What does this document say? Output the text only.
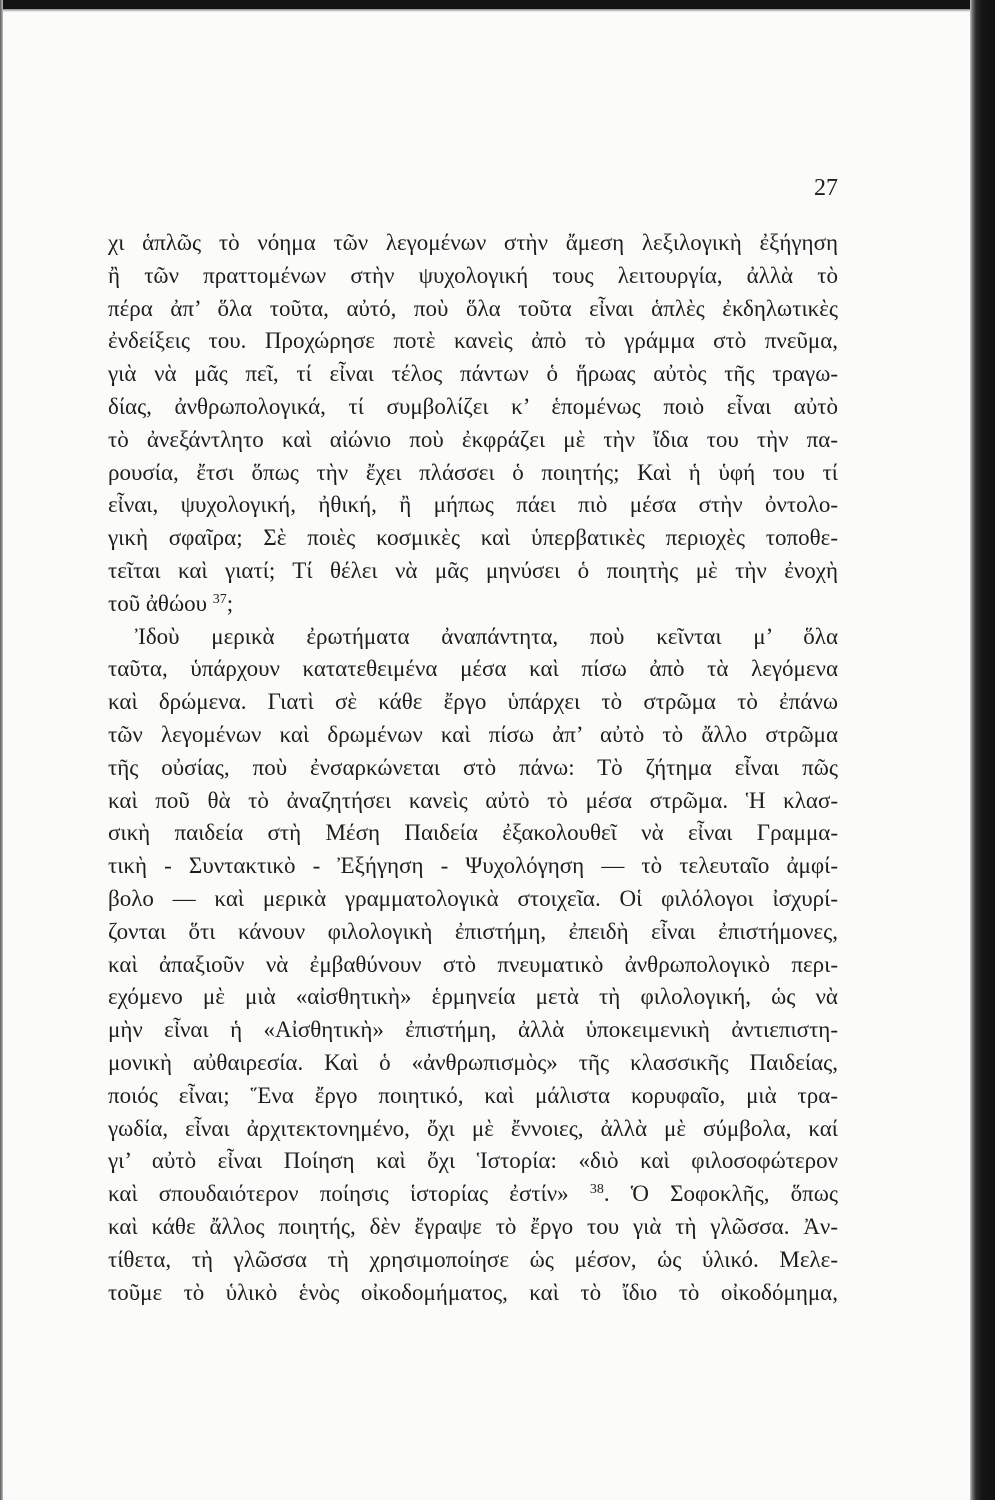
27
χι ἁπλῶς τὸ νόημα τῶν λεγομένων στὴν ἄμεση λεξιλογικὴ ἐξήγηση
ἢ τῶν πραττομένων στὴν ψυχολογική τους λειτουργία, ἀλλὰ τὸ
πέρα ἀπ’ ὅλα τοῦτα, αὐτό, ποὺ ὅλα τοῦτα εἶναι ἁπλὲς ἐκδηλωτικὲς
ἐνδείξεις του. Προχώρησε ποτὲ κανεὶς ἀπὸ τὸ γράμμα στὸ πνεῦμα,
γιὰ νὰ μᾶς πεῖ, τί εἶναι τέλος πάντων ὁ ἥρωας αὐτὸς τῆς τραγω-
δίας, ἀνθρωπολογικά, τί συμβολίζει κ’ ἑπομένως ποιὸ εἶναι αὐτὸ
τὸ ἀνεξάντλητο καὶ αἰώνιο ποὺ ἐκφράζει μὲ τὴν ἴδια του τὴν πα-
ρουσία, ἔτσι ὅπως τὴν ἔχει πλάσσει ὁ ποιητής; Καὶ ἡ ὑφή του τί
εἶναι, ψυχολογική, ἠθική, ἢ μήπως πάει πιὸ μέσα στὴν ὀντολο-
γικὴ σφαῖρα; Σὲ ποιὲς κοσμικὲς καὶ ὑπερβατικὲς περιοχὲς τοποθε-
τεῖται καὶ γιατί; Τί θέλει νὰ μᾶς μηνύσει ὁ ποιητὴς μὲ τὴν ἐνοχὴ
τοῦ ἀθώου $^{37}$;
Ἰδοὺ μερικὰ ἐρωτήματα ἀναπάντητα, ποὺ κεῖνται μ’ ὅλα
ταῦτα, ὑπάρχουν κατατεθειμένα μέσα καὶ πίσω ἀπὸ τὰ λεγόμενα
καὶ δρώμενα. Γιατὶ σὲ κάθε ἔργο ὑπάρχει τὸ στρῶμα τὸ ἐπάνω
τῶν λεγομένων καὶ δρωμένων καὶ πίσω ἀπ’ αὐτὸ τὸ ἄλλο στρῶμα
τῆς οὐσίας, ποὺ ἐνσαρκώνεται στὸ πάνω: Τὸ ζήτημα εἶναι πῶς
καὶ ποῦ θὰ τὸ ἀναζητήσει κανεὶς αὐτὸ τὸ μέσα στρῶμα. Ἡ κλασ-
σικὴ παιδεία στὴ Μέση Παιδεία ἐξακολουθεῖ νὰ εἶναι Γραμμα-
τικὴ - Συντακτικὸ - Ἐξήγηση - Ψυχολόγηση — τὸ τελευταῖο ἀμφί-
βολο — καὶ μερικὰ γραμματολογικὰ στοιχεῖα. Οἱ φιλόλογοι ἰσχυρί-
ζονται ὅτι κάνουν φιλολογικὴ ἐπιστήμη, ἐπειδὴ εἶναι ἐπιστήμονες,
καὶ ἀπαξιοῦν νὰ ἐμβαθύνουν στὸ πνευματικὸ ἀνθρωπολογικὸ περι-
εχόμενο μὲ μιὰ «αἰσθητικὴ» ἑρμηνεία μετὰ τὴ φιλολογική, ὡς νὰ
μὴν εἶναι ἡ «Αἰσθητικὴ» ἐπιστήμη, ἀλλὰ ὑποκειμενικὴ ἀντιεπιστη-
μονικὴ αὐθαιρεσία. Καὶ ὁ «ἀνθρωπισμὸς» τῆς κλασσικῆς Παιδείας,
ποιός εἶναι; Ἕνα ἔργο ποιητικό, καὶ μάλιστα κορυφαῖο, μιὰ τρα-
γωδία, εἶναι ἀρχιτεκτονημένο, ὄχι μὲ ἔννοιες, ἀλλὰ μὲ σύμβολα, καί
γι’ αὐτὸ εἶναι Ποίηση καὶ ὄχι Ἱστορία: «διὸ καὶ φιλοσοφώτερον
καὶ σπουδαιότερον ποίησις ἱστορίας ἐστίν» $^{38}$. Ὁ Σοφοκλῆς, ὅπως
καὶ κάθε ἄλλος ποιητής, δὲν ἔγραψε τὸ ἔργο του γιὰ τὴ γλῶσσα. Ἀν-
τίθετα, τὴ γλῶσσα τὴ χρησιμοποίησε ὡς μέσον, ὡς ὑλικό. Μελε-
τοῦμε τὸ ὑλικὸ ἑνὸς οἰκοδομήματος, καὶ τὸ ἴδιο τὸ οἰκοδόμημα,
